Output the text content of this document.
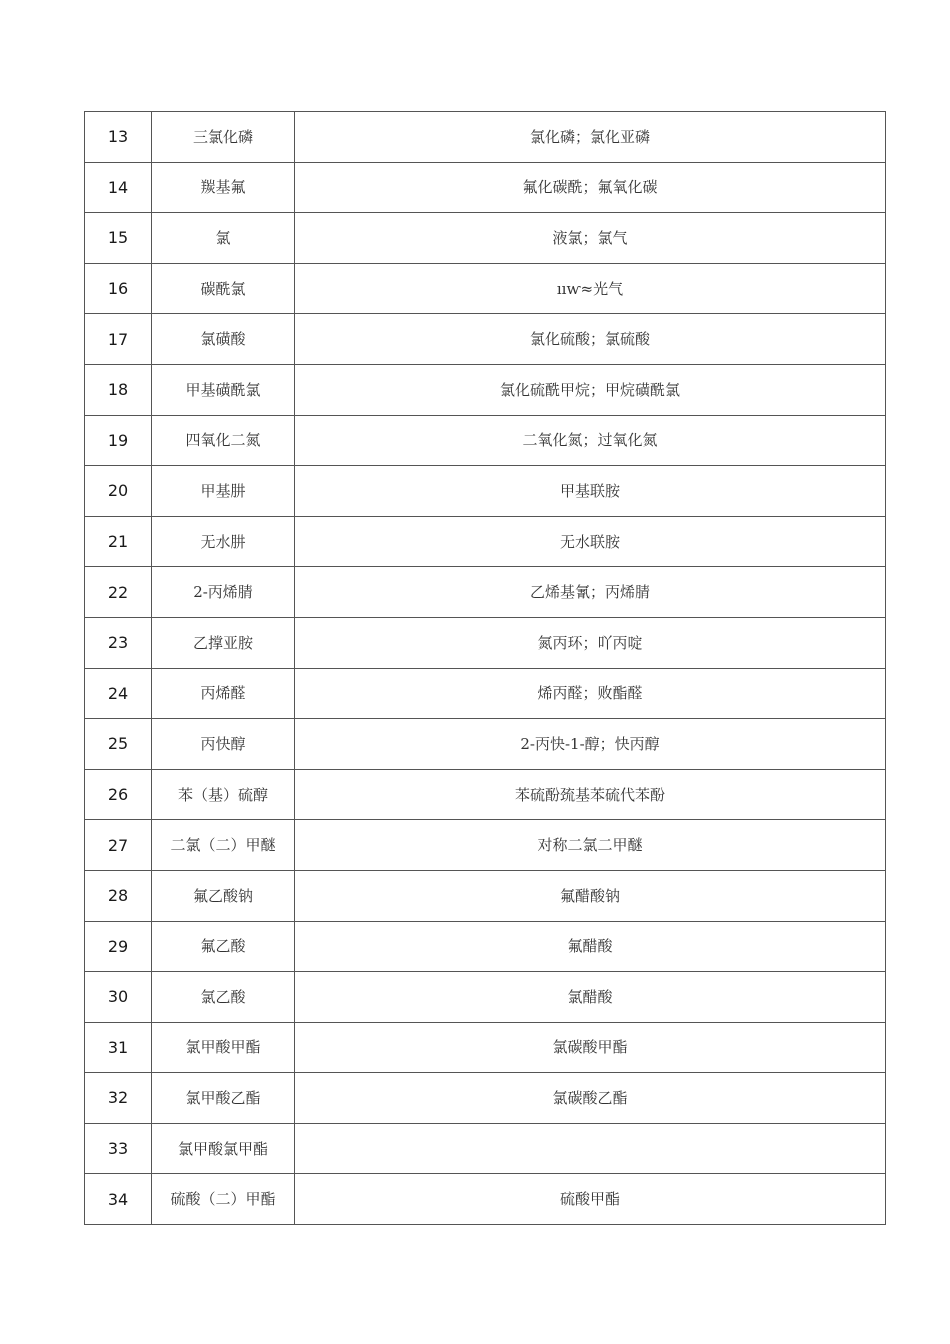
13	三氯化磷	氯化磷；氯化亚磷
14	羰基氟	氟化碳酰；氟氧化碳
15	氯	液氯；氯气
16	碳酰氯	ııⱳ≈光气
17	氯磺酸	氯化硫酸；氯硫酸
18	甲基磺酰氯	氯化硫酰甲烷；甲烷磺酰氯
19	四氧化二氮	二氧化氮；过氧化氮
20	甲基肼	甲基联胺
21	无水肼	无水联胺
22	2-丙烯腈	乙烯基氰；丙烯腈
23	乙撑亚胺	氮丙环；吖丙啶
24	丙烯醛	烯丙醛；败酯醛
25	丙快醇	2-丙快-1-醇；快丙醇
26	苯（基）硫醇	苯硫酚巯基苯硫代苯酚
27	二氯（二）甲醚	对称二氯二甲醚
28	氟乙酸钠	氟醋酸钠
29	氟乙酸	氟醋酸
30	氯乙酸	氯醋酸
31	氯甲酸甲酯	氯碳酸甲酯
32	氯甲酸乙酯	氯碳酸乙酯
33	氯甲酸氯甲酯	
34	硫酸（二）甲酯	硫酸甲酯
